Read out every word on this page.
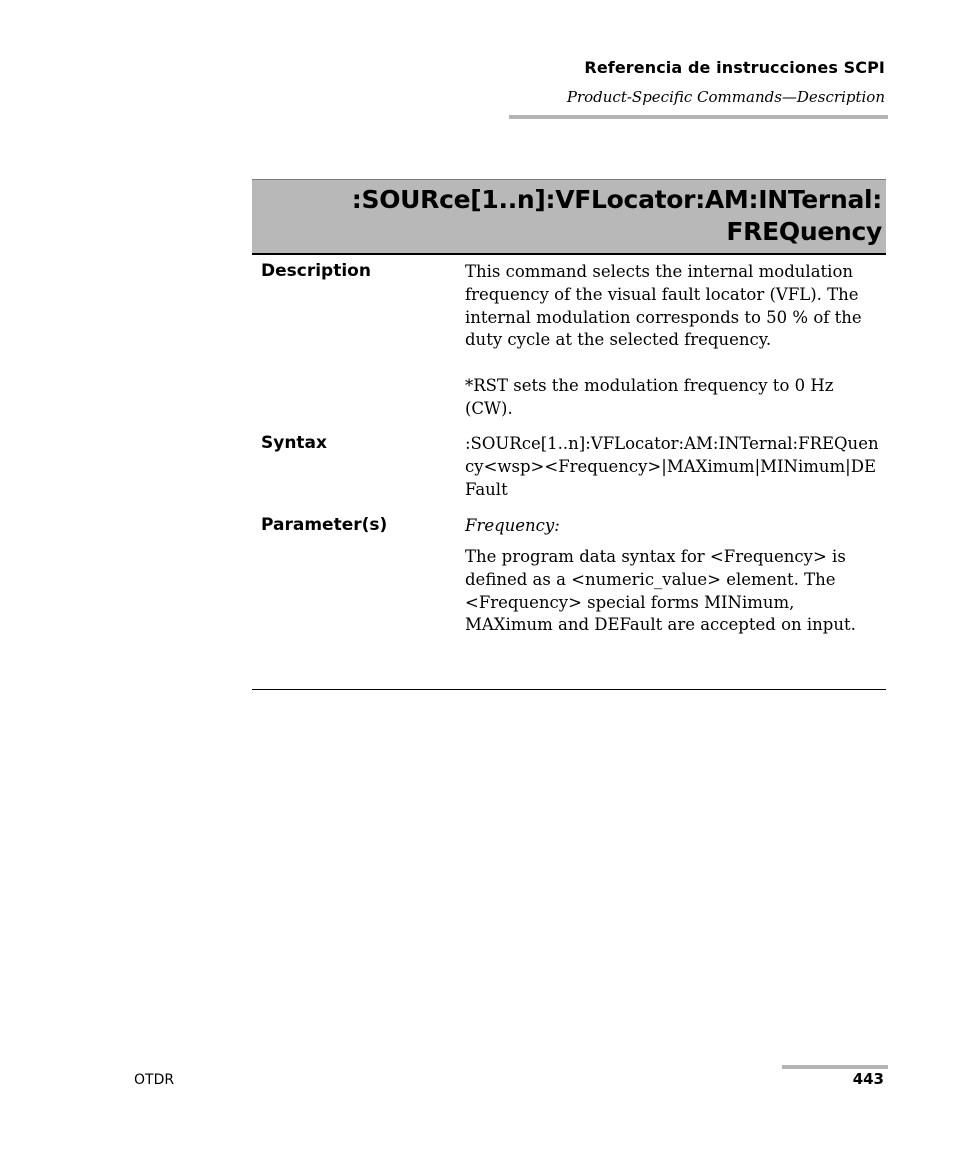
Referencia de instrucciones SCPI
Product-Specific Commands—Description
:SOURce[1..n]:VFLocator:AM:INTernal:
FREQuency
Description	This command selects the internal modulation frequency of the visual fault locator (VFL). The internal modulation corresponds to 50 % of the duty cycle at the selected frequency.

*RST sets the modulation frequency to 0 Hz (CW).

Syntax	:SOURce[1..n]:VFLocator:AM:INTernal:FREQuency<wsp><Frequency>|MAXimum|MINimum|DEFault

Parameter(s)	Frequency:

The program data syntax for <Frequency> is defined as a <numeric_value> element. The <Frequency> special forms MINimum, MAXimum and DEFault are accepted on input.

OTDR	443
